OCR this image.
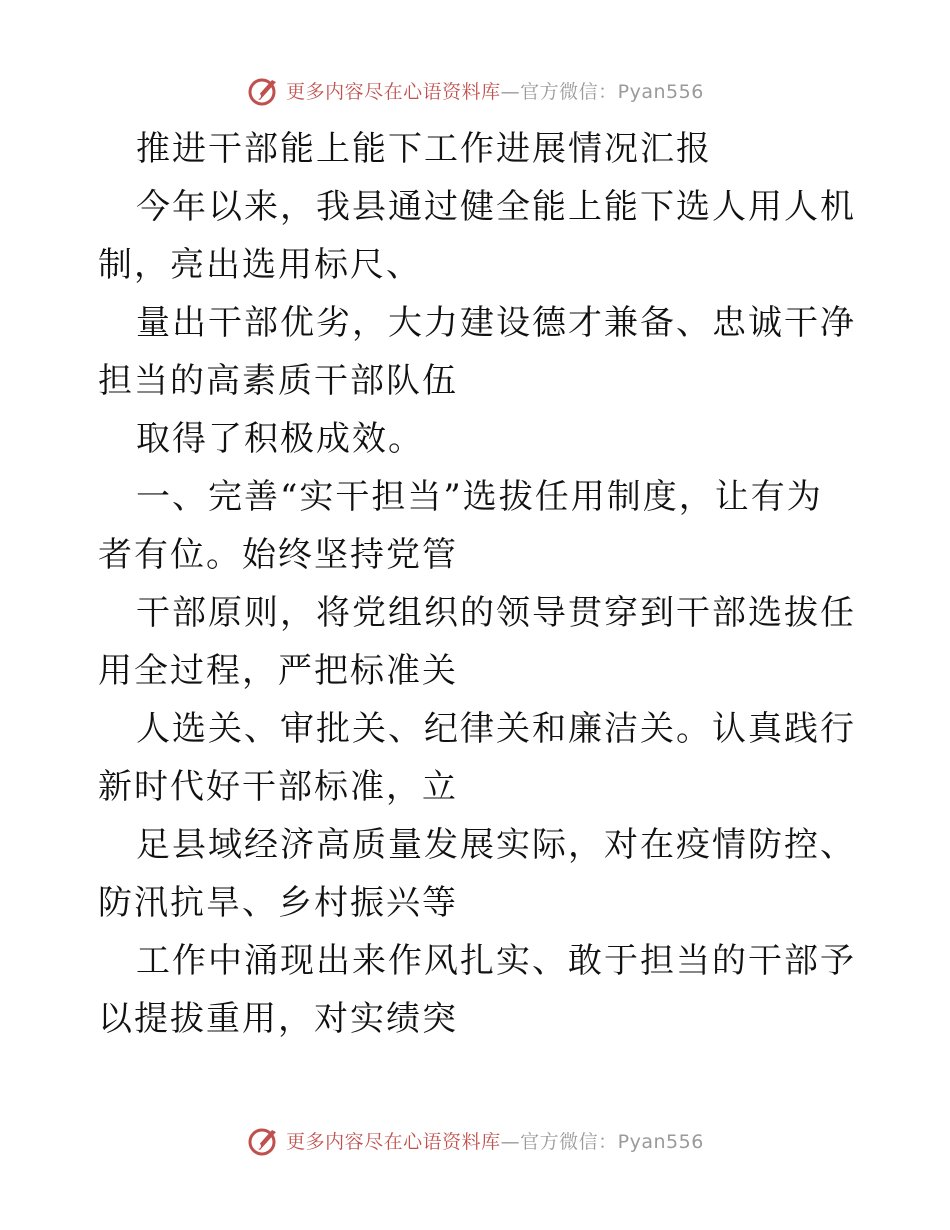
更多内容尽在心语资料库—官方微信：Pyan556

推进干部能上能下工作进展情况汇报

今年以来，我县通过健全能上能下选人用人机制，亮出选用标尺、

量出干部优劣，大力建设德才兼备、忠诚干净担当的高素质干部队伍

取得了积极成效。

一、完善“实干担当”选拔任用制度，让有为者有位。始终坚持党管

干部原则，将党组织的领导贯穿到干部选拔任用全过程，严把标准关

人选关、审批关、纪律关和廉洁关。认真践行新时代好干部标准，立

足县域经济高质量发展实际，对在疫情防控、防汛抗旱、乡村振兴等

工作中涌现出来作风扎实、敢于担当的干部予以提拔重用，对实绩突

更多内容尽在心语资料库—官方微信：Pyan556
